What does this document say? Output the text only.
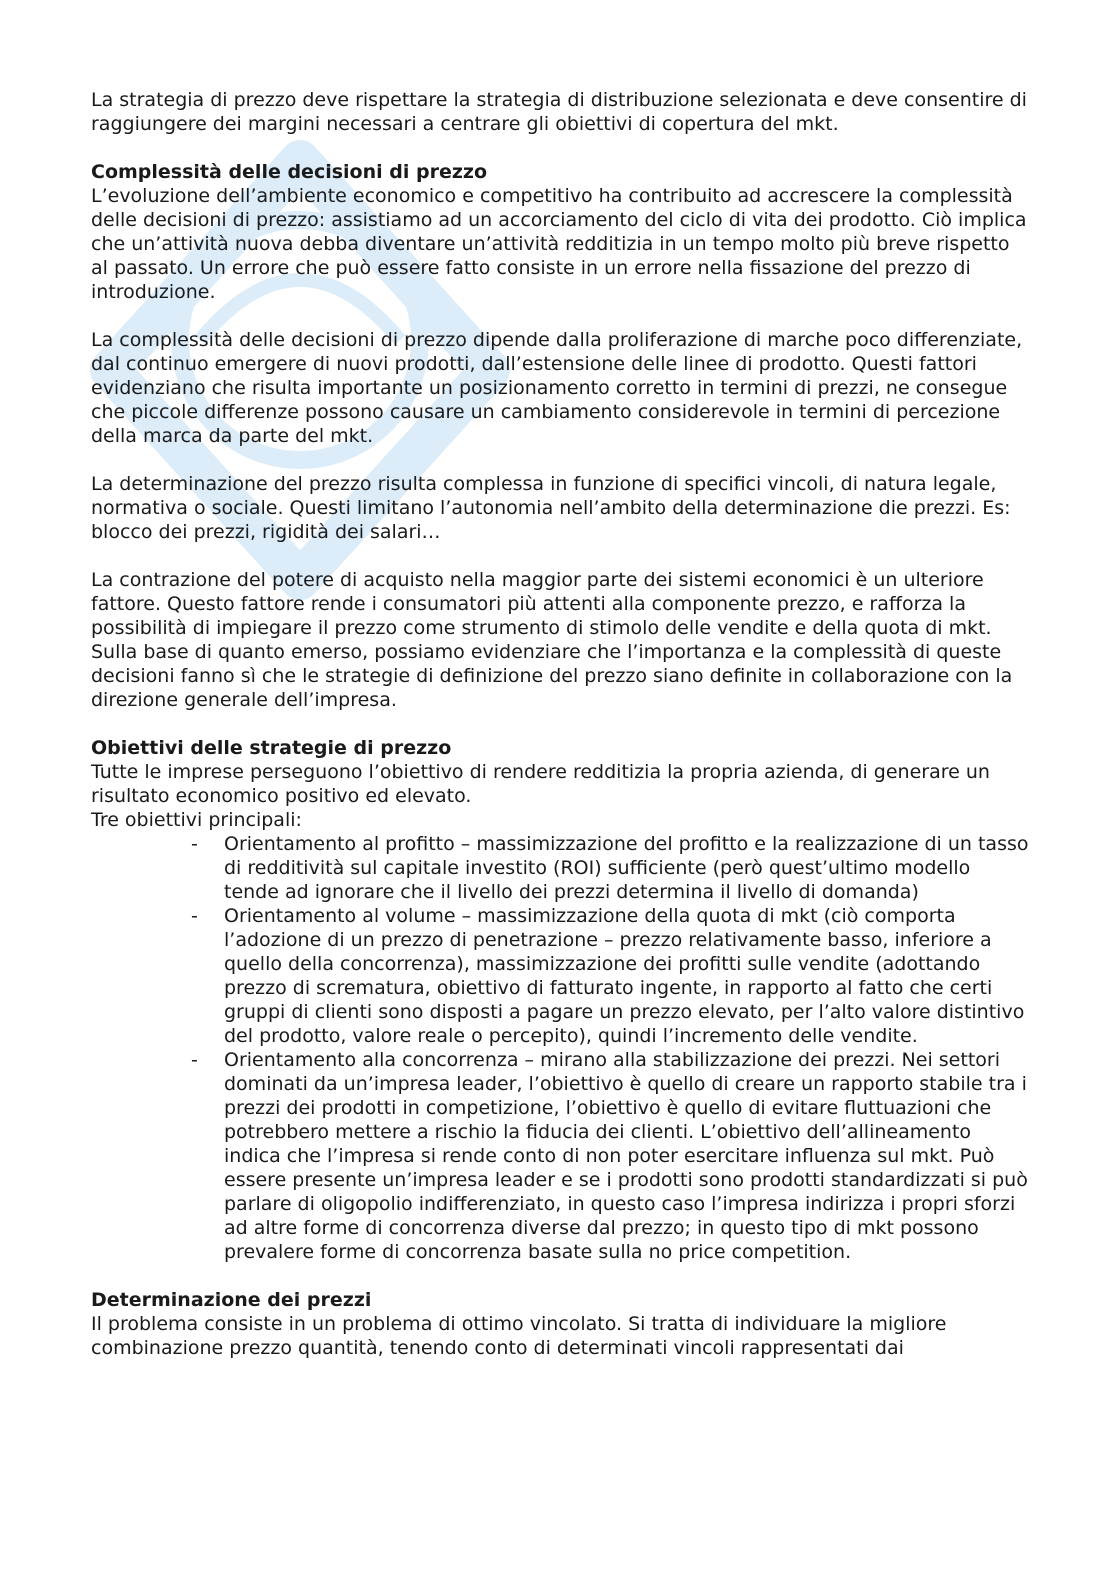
La strategia di prezzo deve rispettare la strategia di distribuzione selezionata e deve consentire di raggiungere dei margini necessari a centrare gli obiettivi di copertura del mkt.

Complessità delle decisioni di prezzo

L’evoluzione dell’ambiente economico e competitivo ha contribuito ad accrescere la complessità delle decisioni di prezzo: assistiamo ad un accorciamento del ciclo di vita dei prodotto. Ciò implica che un’attività nuova debba diventare un’attività redditizia in un tempo molto più breve rispetto al passato. Un errore che può essere fatto consiste in un errore nella fissazione del prezzo di introduzione.

La complessità delle decisioni di prezzo dipende dalla proliferazione di marche poco differenziate, dal continuo emergere di nuovi prodotti, dall’estensione delle linee di prodotto. Questi fattori evidenziano che risulta importante un posizionamento corretto in termini di prezzi, ne consegue che piccole differenze possono causare un cambiamento considerevole in termini di percezione della marca da parte del mkt.

La determinazione del prezzo risulta complessa in funzione di specifici vincoli, di natura legale, normativa o sociale. Questi limitano l’autonomia nell’ambito della determinazione die prezzi. Es: blocco dei prezzi, rigidità dei salari…

La contrazione del potere di acquisto nella maggior parte dei sistemi economici è un ulteriore fattore. Questo fattore rende i consumatori più attenti alla componente prezzo, e rafforza la possibilità di impiegare il prezzo come strumento di stimolo delle vendite e della quota di mkt. Sulla base di quanto emerso, possiamo evidenziare che l’importanza e la complessità di queste decisioni fanno sì che le strategie di definizione del prezzo siano definite in collaborazione con la direzione generale dell’impresa.

Obiettivi delle strategie di prezzo

Tutte le imprese perseguono l’obiettivo di rendere redditizia la propria azienda, di generare un risultato economico positivo ed elevato.

Tre obiettivi principali:

- Orientamento al profitto – massimizzazione del profitto e la realizzazione di un tasso di redditività sul capitale investito (ROI) sufficiente (però quest’ultimo modello tende ad ignorare che il livello dei prezzi determina il livello di domanda)
- Orientamento al volume – massimizzazione della quota di mkt (ciò comporta l’adozione di un prezzo di penetrazione – prezzo relativamente basso, inferiore a quello della concorrenza), massimizzazione dei profitti sulle vendite (adottando prezzo di scrematura, obiettivo di fatturato ingente, in rapporto al fatto che certi gruppi di clienti sono disposti a pagare un prezzo elevato, per l’alto valore distintivo del prodotto, valore reale o percepito), quindi l’incremento delle vendite.
- Orientamento alla concorrenza – mirano alla stabilizzazione dei prezzi. Nei settori dominati da un’impresa leader, l’obiettivo è quello di creare un rapporto stabile tra i prezzi dei prodotti in competizione, l’obiettivo è quello di evitare fluttuazioni che potrebbero mettere a rischio la fiducia dei clienti. L’obiettivo dell’allineamento indica che l’impresa si rende conto di non poter esercitare influenza sul mkt. Può essere presente un’impresa leader e se i prodotti sono prodotti standardizzati si può parlare di oligopolio indifferenziato, in questo caso l’impresa indirizza i propri sforzi ad altre forme di concorrenza diverse dal prezzo; in questo tipo di mkt possono prevalere forme di concorrenza basate sulla no price competition.
Determinazione dei prezzi

Il problema consiste in un problema di ottimo vincolato. Si tratta di individuare la migliore combinazione prezzo quantità, tenendo conto di determinati vincoli rappresentati dai
